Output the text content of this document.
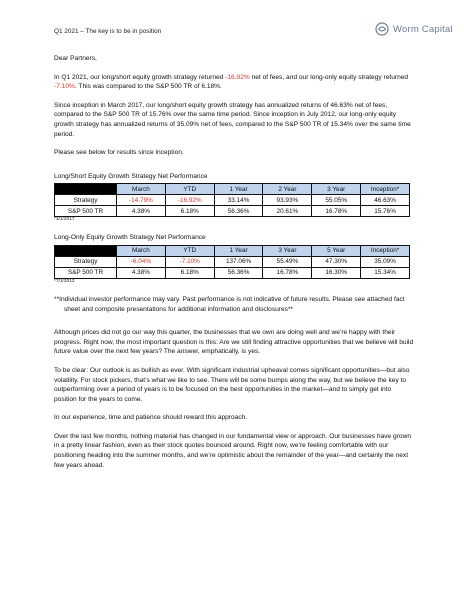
Q1 2021 – The key is to be in position	Worm Capital

Dear Partners,

In Q1 2021, our long/short equity growth strategy returned -16.92% net of fees, and our long-only equity strategy returned -7.10%. This was compared to the S&P 500 TR of 6.18%.

Since inception in March 2017, our long/short equity growth strategy has annualized returns of 46.63% net of fees, compared to the S&P 500 TR of 15.76% over the same time period. Since inception in July 2012, our long-only equity growth strategy has annualized returns of 35.09% net of fees, compared to the S&P 500 TR of 15.34% over the same time period.

Please see below for results since inception.

Long/Short Equity Growth Strategy Net Performance
	March	YTD	1 Year	2 Year	3 Year	Inception*
Strategy	-14.79%	-16.92%	33.14%	93.93%	55.05%	46.63%
S&P 500 TR	4.38%	6.18%	56.36%	20.61%	16.78%	15.76%
*3/1/2017
Long-Only Equity Growth Strategy Net Performance
	March	YTD	1 Year	3 Year	5 Year	Inception*
Strategy	-6.04%	-7.10%	137.06%	55.49%	47.30%	35.09%
S&P 500 TR	4.38%	6.18%	56.36%	16.78%	16.30%	15.34%
*7/1/2012

**Individual investor performance may vary. Past performance is not indicative of future results. Please see attached fact sheet and composite presentations for additional information and disclosures**

Although prices did not go our way this quarter, the businesses that we own are doing well and we’re happy with their progress. Right now, the most important question is this: Are we still finding attractive opportunities that we believe will build future value over the next few years? The answer, emphatically, is yes.

To be clear: Our outlook is as bullish as ever. With significant industrial upheaval comes significant opportunities—but also volatility. For stock pickers, that’s what we like to see. There will be some bumps along the way, but we believe the key to outperforming over a period of years is to be focused on the best opportunities in the market—and to simply get into position for the years to come.

In our experience, time and patience should reward this approach.

Over the last few months, nothing material has changed in our fundamental view or approach. Our businesses have grown in a pretty linear fashion, even as their stock quotes bounced around. Right now, we’re feeling comfortable with our positioning heading into the summer months, and we’re optimistic about the remainder of the year—and certainly the next few years ahead.
